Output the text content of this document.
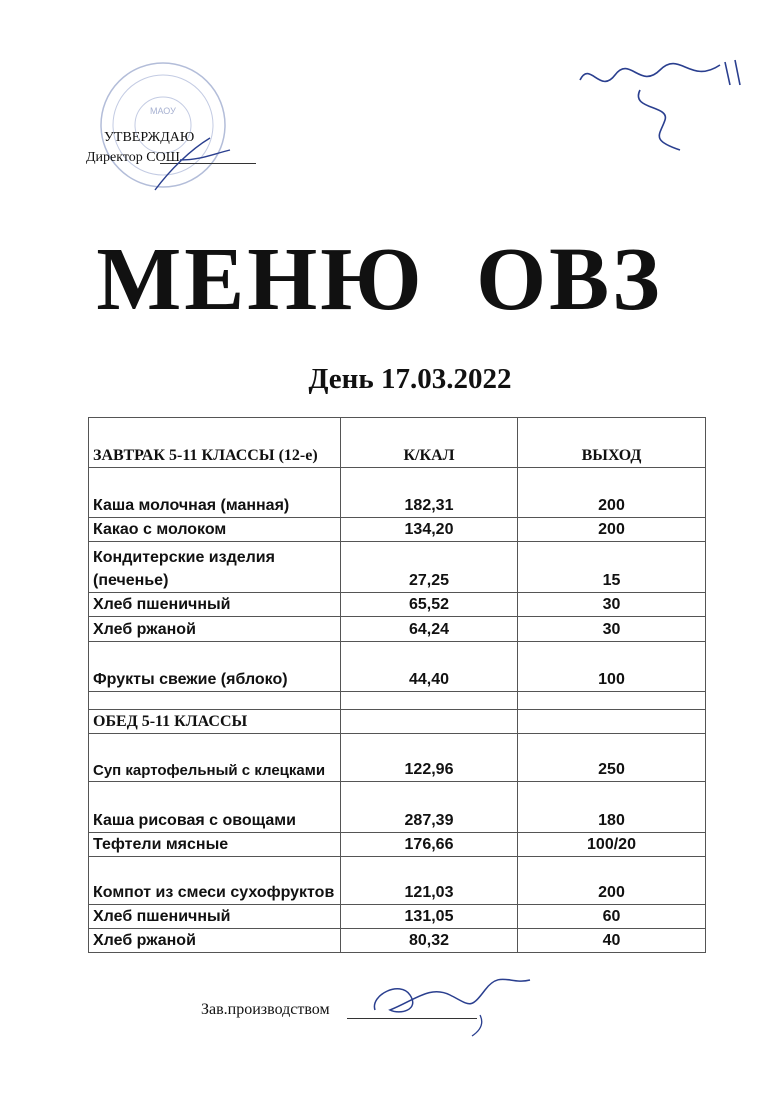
МАОУ
УТВЕРЖДАЮ
Директор СОШ
МЕНЮ ОВЗ
День 17.03.2022
ЗАВТРАК 5-11 КЛАССЫ (12-е)	К/КАЛ	ВЫХОД
Каша молочная (манная)	182,31	200
Какао с молоком	134,20	200
Кондитерские изделия (печенье)	27,25	15
Хлеб пшеничный	65,52	30
Хлеб ржаной	64,24	30
Фрукты свежие (яблоко)	44,40	100

ОБЕД 5-11 КЛАССЫ		
Суп картофельный с клецками	122,96	250
Каша рисовая с овощами	287,39	180
Тефтели мясные	176,66	100/20
Компот из смеси сухофруктов	121,03	200
Хлеб пшеничный	131,05	60
Хлеб ржаной	80,32	40
Зав.производством
